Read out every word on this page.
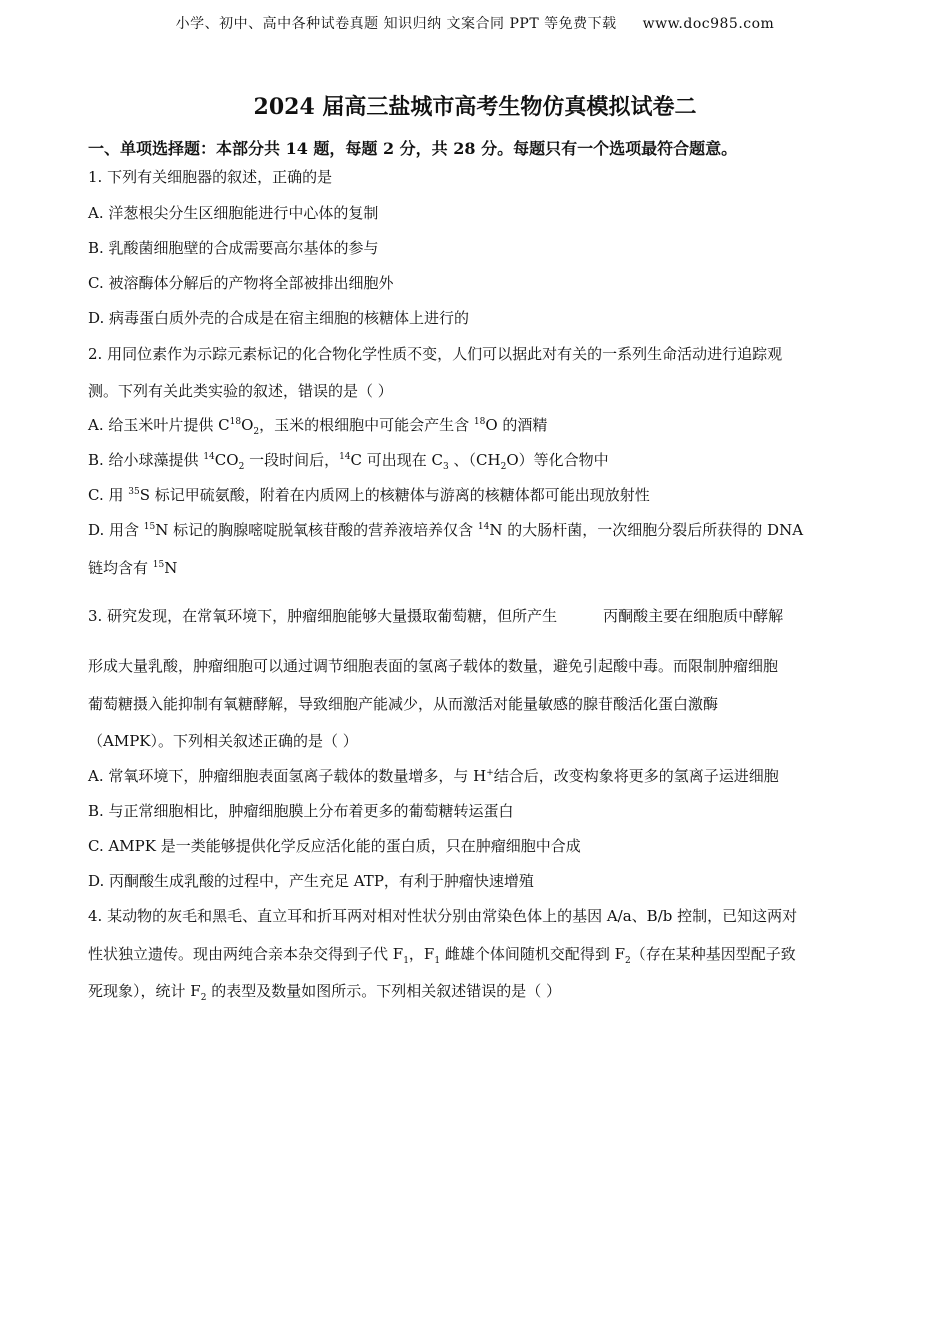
小学、初中、高中各种试卷真题 知识归纳 文案合同 PPT 等免费下载 www.doc985.com
2024 届高三盐城市高考生物仿真模拟试卷二

一、单项选择题：本部分共 14 题，每题 2 分，共 28 分。每题只有一个选项最符合题意。

1. 下列有关细胞器的叙述，正确的是

A. 洋葱根尖分生区细胞能进行中心体的复制

B. 乳酸菌细胞壁的合成需要高尔基体的参与

C. 被溶酶体分解后的产物将全部被排出细胞外

D. 病毒蛋白质外壳的合成是在宿主细胞的核糖体上进行的

2. 用同位素作为示踪元素标记的化合物化学性质不变，人们可以据此对有关的一系列生命活动进行追踪观

测。下列有关此类实验的叙述，错误的是（ ）

A. 给玉米叶片提供 $C^{18}O_2$，玉米的根细胞中可能会产生含 $^{18}$O 的酒精

B. 给小球藻提供 $^{14}CO_2$ 一段时间后，$^{14}$C 可出现在 $C_3$ 、$(CH_2O)$等化合物中

C. 用 $^{35}$S 标记甲硫氨酸，附着在内质网上的核糖体与游离的核糖体都可能出现放射性

D. 用含 $^{15}$N 标记的胸腺嘧啶脱氧核苷酸的营养液培养仅含 $^{14}$N 的大肠杆菌，一次细胞分裂后所获得的 DNA

链均含有 $^{15}$N

3. 研究发现，在常氧环境下，肿瘤细胞能够大量摄取葡萄糖，但所产生	丙酮酸主要在细胞质中酵解

形成大量乳酸，肿瘤细胞可以通过调节细胞表面的氢离子载体的数量，避免引起酸中毒。而限制肿瘤细胞

葡萄糖摄入能抑制有氧糖酵解，导致细胞产能减少，从而激活对能量敏感的腺苷酸活化蛋白激酶

（AMPK）。下列相关叙述正确的是（ ）

A. 常氧环境下，肿瘤细胞表面氢离子载体的数量增多，与 H+结合后，改变构象将更多的氢离子运进细胞

B. 与正常细胞相比，肿瘤细胞膜上分布着更多的葡萄糖转运蛋白

C. AMPK 是一类能够提供化学反应活化能的蛋白质，只在肿瘤细胞中合成

D. 丙酮酸生成乳酸的过程中，产生充足 ATP，有利于肿瘤快速增殖

4. 某动物的灰毛和黑毛、直立耳和折耳两对相对性状分别由常染色体上的基因 A/a、B/b 控制，已知这两对

性状独立遗传。现由两纯合亲本杂交得到子代 $F_1$，$F_1$ 雌雄个体间随机交配得到 $F_2$（存在某种基因型配子致

死现象），统计 $F_2$ 的表型及数量如图所示。下列相关叙述错误的是（ ）
